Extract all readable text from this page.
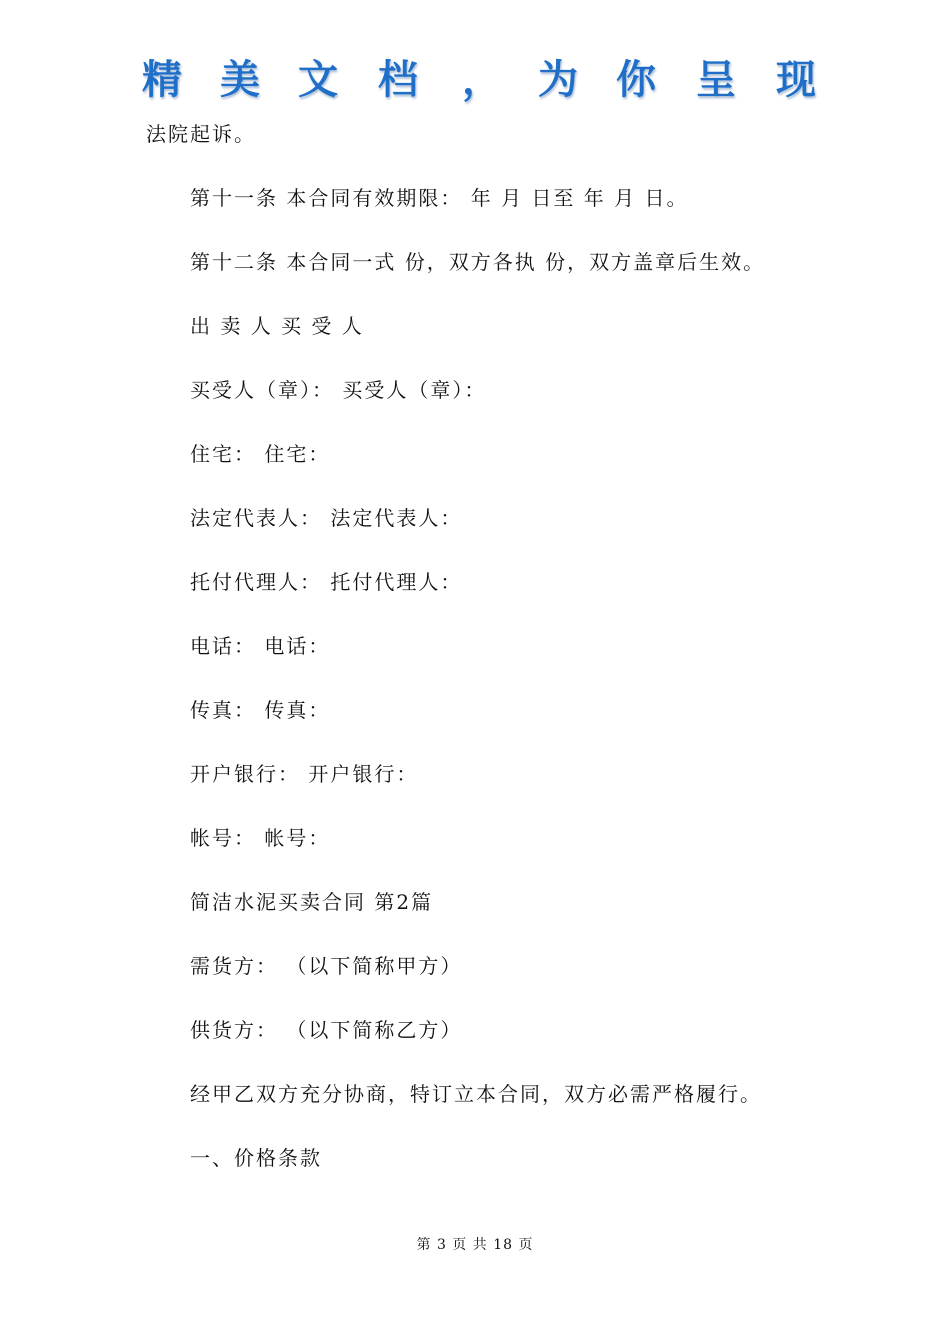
精 美 文 档 ， 为 你 呈 现
法院起诉。
第十一条 本合同有效期限： 年 月 日至 年 月 日。
第十二条 本合同一式 份，双方各执 份，双方盖章后生效。
出 卖 人 买 受 人
买受人（章）： 买受人（章）：
住宅： 住宅：
法定代表人： 法定代表人：
托付代理人： 托付代理人：
电话： 电话：
传真： 传真：
开户银行： 开户银行：
帐号： 帐号：
简洁水泥买卖合同 第2篇
需货方： （以下简称甲方）
供货方： （以下简称乙方）
经甲乙双方充分协商，特订立本合同，双方必需严格履行。
一、价格条款
第 3 页 共 18 页
